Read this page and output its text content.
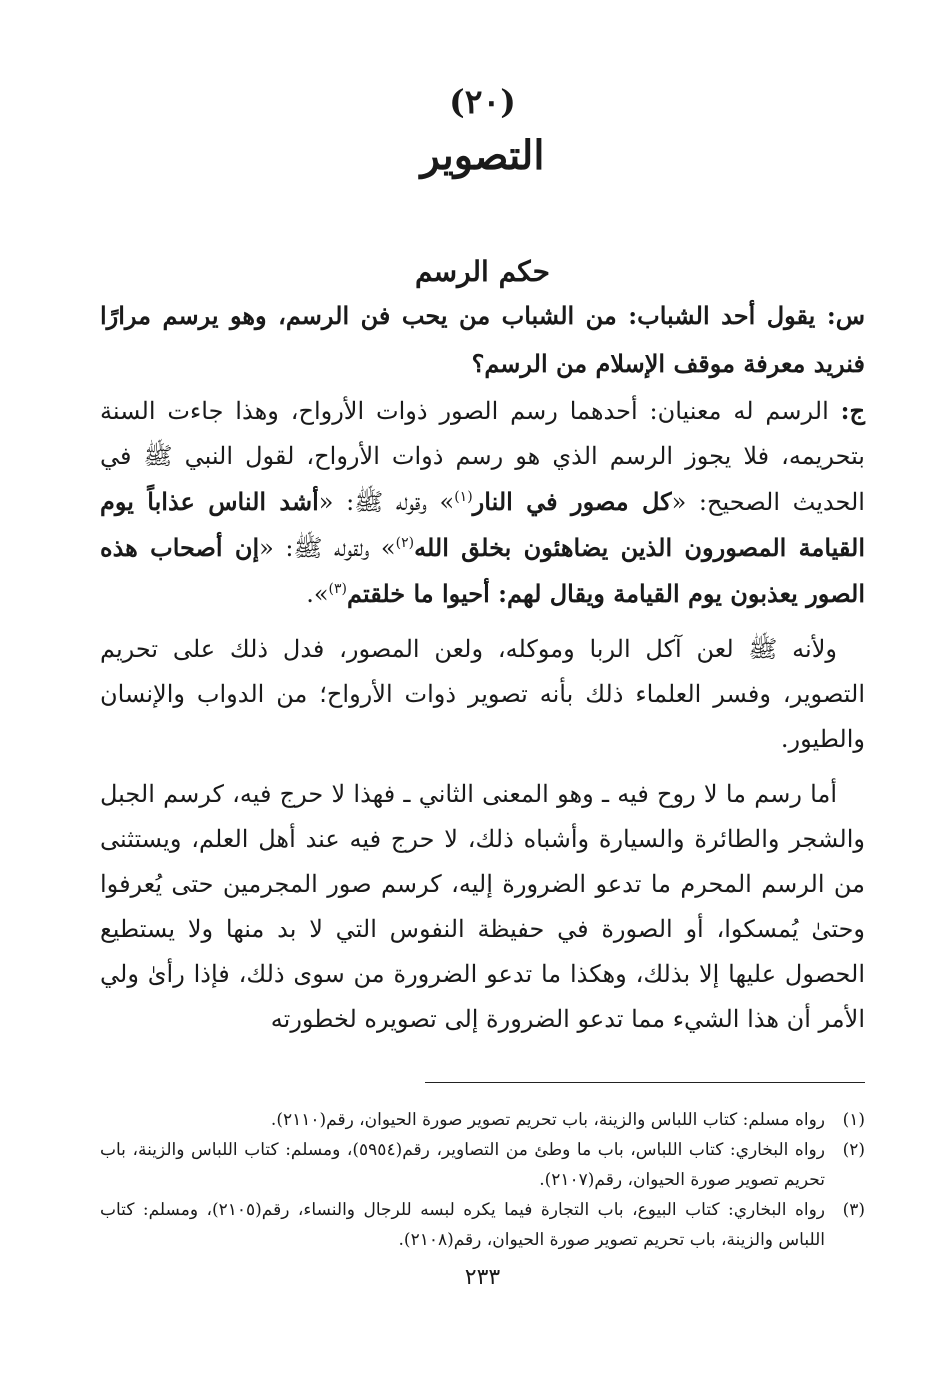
(٢٠)
التصوير
حكم الرسم

س: يقول أحد الشباب: من الشباب من يحب فن الرسم، وهو يرسم مرارًا فنريد معرفة موقف الإسلام من الرسم؟

ج: الرسم له معنيان: أحدهما رسم الصور ذوات الأرواح، وهذا جاءت السنة بتحريمه، فلا يجوز الرسم الذي هو رسم ذوات الأرواح، لقول النبي ﷺ في الحديث الصحيح: «كل مصور في النار$^{(١)}$» وقوله ﷺ: «أشد الناس عذاباً يوم القيامة المصورون الذين يضاهئون بخلق الله$^{(٢)}$» ولقوله ﷺ: «إن أصحاب هذه الصور يعذبون يوم القيامة ويقال لهم: أحيوا ما خلقتم$^{(٣)}$».

ولأنه ﷺ لعن آكل الربا وموكله، ولعن المصور، فدل ذلك على تحريم التصوير، وفسر العلماء ذلك بأنه تصوير ذوات الأرواح؛ من الدواب والإنسان والطيور.

أما رسم ما لا روح فيه ـ وهو المعنى الثاني ـ فهذا لا حرج فيه، كرسم الجبل والشجر والطائرة والسيارة وأشباه ذلك، لا حرج فيه عند أهل العلم، ويستثنى من الرسم المحرم ما تدعو الضرورة إليه، كرسم صور المجرمين حتى يُعرفوا وحتىٰ يُمسكوا، أو الصورة في حفيظة النفوس التي لا بد منها ولا يستطيع الحصول عليها إلا بذلك، وهكذا ما تدعو الضرورة من سوى ذلك، فإذا رأىٰ ولي الأمر أن هذا الشيء مما تدعو الضرورة إلى تصويره لخطورته

(١)
رواه مسلم: كتاب اللباس والزينة، باب تحريم تصوير صورة الحيوان، رقم(٢١١٠).
(٢)
رواه البخاري: كتاب اللباس، باب ما وطئ من التصاوير، رقم(٥٩٥٤)، ومسلم: كتاب اللباس والزينة، باب تحريم تصوير صورة الحيوان، رقم(٢١٠٧).
(٣)
رواه البخاري: كتاب البيوع، باب التجارة فيما يكره لبسه للرجال والنساء، رقم(٢١٠٥)، ومسلم: كتاب اللباس والزينة، باب تحريم تصوير صورة الحيوان، رقم(٢١٠٨).
٢٣٣
